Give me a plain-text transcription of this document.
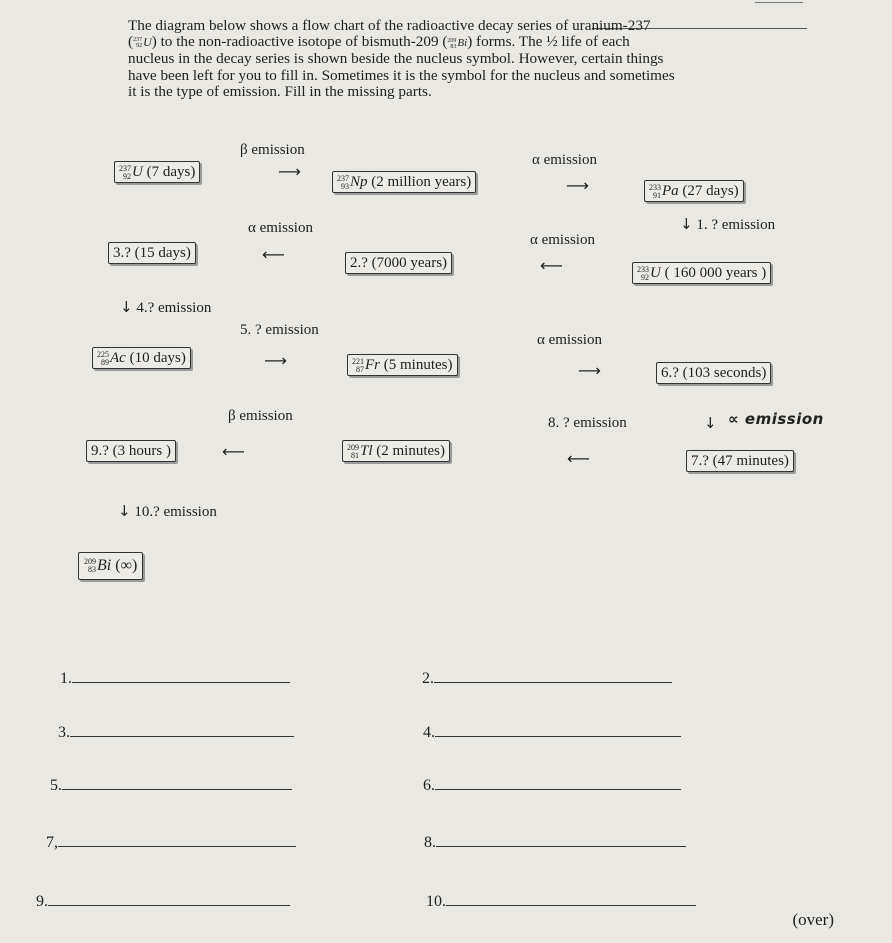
The diagram below shows a flow chart of the radioactive decay series of uranium-237

( 237
92 U) to the non-radioactive isotope of bismuth-209 ( 209
83 Bi) forms. The ½ life of each

nucleus in the decay series is shown beside the nucleus symbol. However, certain things

have been left for you to fill in. Sometimes it is the symbol for the nucleus and sometimes

it is the type of emission. Fill in the missing parts.

β emission
α emission
237
92 U (7 days)	⟶	237
93 Np (2 million years)	⟶	233
91 Pa (27 days)
↓ 1. ? emission
α emission
α emission
3.? (15 days)	⟵	2.? (7000 years)	⟵	233
92 U ( 160 000 years )
↓ 4.? emission
5. ? emission
α emission
225
89 Ac (10 days)	⟶	221
87 Fr (5 minutes)	⟶	6.? (103 seconds)
β emission	8. ? emission	↓ ∝ emission
9.? (3 hours )	⟵	209
81 Tl (2 minutes)	⟵	7.? (47 minutes)
↓ 10.? emission
209
83 Bi (∞)
1.	2.
3.	4.
5.	6.
7,	8.
9.	10.
(over)
